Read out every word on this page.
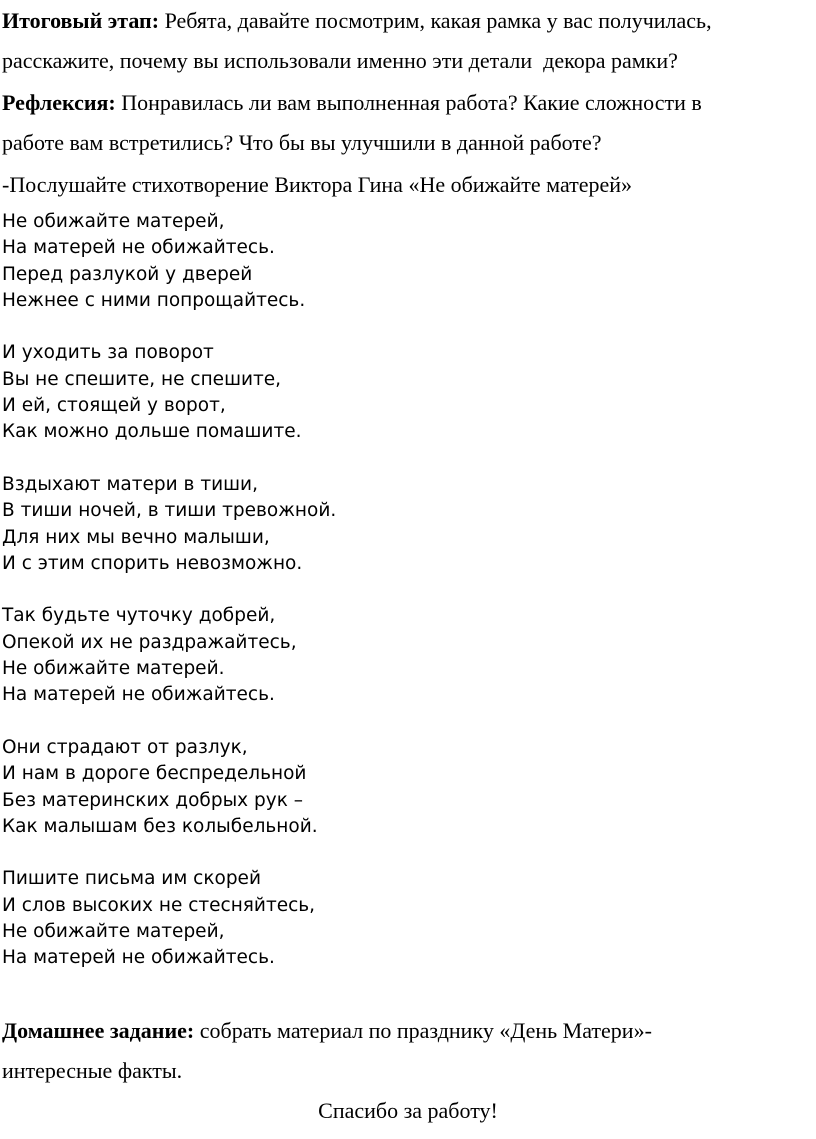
Итоговый этап: Ребята, давайте посмотрим, какая рамка у вас получилась,
расскажите, почему вы использовали именно эти детали  декора рамки?
Рефлексия: Понравилась ли вам выполненная работа? Какие сложности в
работе вам встретились? Что бы вы улучшили в данной работе?
-Послушайте стихотворение Виктора Гина «Не обижайте матерей»
Не обижайте матерей,
На матерей не обижайтесь.
Перед разлукой у дверей
Нежнее с ними попрощайтесь.
И уходить за поворот
Вы не спешите, не спешите,
И ей, стоящей у ворот,
Как можно дольше помашите.
Вздыхают матери в тиши,
В тиши ночей, в тиши тревожной.
Для них мы вечно малыши,
И с этим спорить невозможно.
Так будьте чуточку добрей,
Опекой их не раздражайтесь,
Не обижайте матерей.
На матерей не обижайтесь.
Они страдают от разлук,
И нам в дороге беспредельной
Без материнских добрых рук –
Как малышам без колыбельной.
Пишите письма им скорей
И слов высоких не стесняйтесь,
Не обижайте матерей,
На матерей не обижайтесь.
Домашнее задание: собрать материал по празднику «День Матери»-
интересные факты.
Спасибо за работу!
